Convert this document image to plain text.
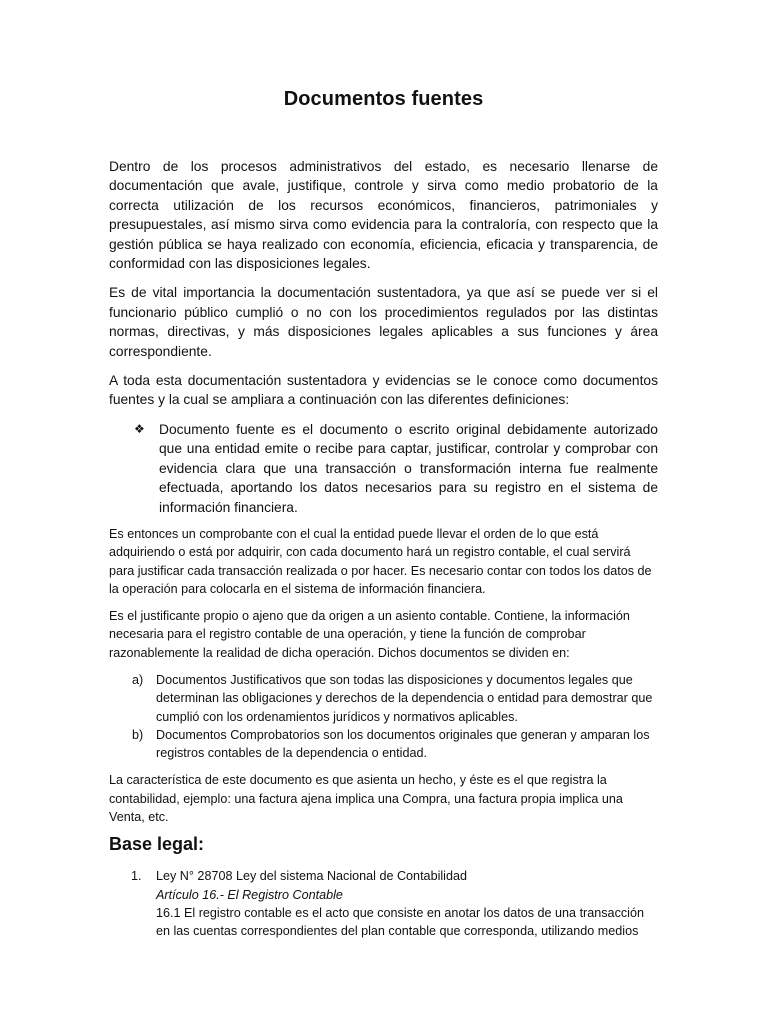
Documentos fuentes

Dentro de los procesos administrativos del estado, es necesario llenarse de documentación que avale, justifique, controle y sirva como medio probatorio de la correcta utilización de los recursos económicos, financieros, patrimoniales y presupuestales, así mismo sirva como evidencia para la contraloría, con respecto que la gestión pública se haya realizado con economía, eficiencia, eficacia y transparencia, de conformidad con las disposiciones legales.

Es de vital importancia la documentación sustentadora, ya que así se puede ver si el funcionario público cumplió o no con los procedimientos regulados por las distintas normas, directivas, y más disposiciones legales aplicables a sus funciones y área correspondiente.

A toda esta documentación sustentadora y evidencias se le conoce como documentos fuentes y la cual se ampliara a continuación con las diferentes definiciones:

❖ Documento fuente es el documento o escrito original debidamente autorizado que una entidad emite o recibe para captar, justificar, controlar y comprobar con evidencia clara que una transacción o transformación interna fue realmente efectuada, aportando los datos necesarios para su registro en el sistema de información financiera.

Es entonces un comprobante con el cual la entidad puede llevar el orden de lo que está adquiriendo o está por adquirir, con cada documento hará un registro contable, el cual servirá para justificar cada transacción realizada o por hacer. Es necesario contar con todos los datos de la operación para colocarla en el sistema de información financiera.

Es el justificante propio o ajeno que da origen a un asiento contable. Contiene, la información necesaria para el registro contable de una operación, y tiene la función de comprobar razonablemente la realidad de dicha operación. Dichos documentos se dividen en:

a) Documentos Justificativos que son todas las disposiciones y documentos legales que determinan las obligaciones y derechos de la dependencia o entidad para demostrar que cumplió con los ordenamientos jurídicos y normativos aplicables.
b) Documentos Comprobatorios son los documentos originales que generan y amparan los registros contables de la dependencia o entidad.

La característica de este documento es que asienta un hecho, y éste es el que registra la contabilidad, ejemplo: una factura ajena implica una Compra, una factura propia implica una Venta, etc.

Base legal:
1. Ley N° 28708 Ley del sistema Nacional de Contabilidad
Artículo 16.- El Registro Contable
16.1 El registro contable es el acto que consiste en anotar los datos de una transacción en las cuentas correspondientes del plan contable que corresponda, utilizando medios
